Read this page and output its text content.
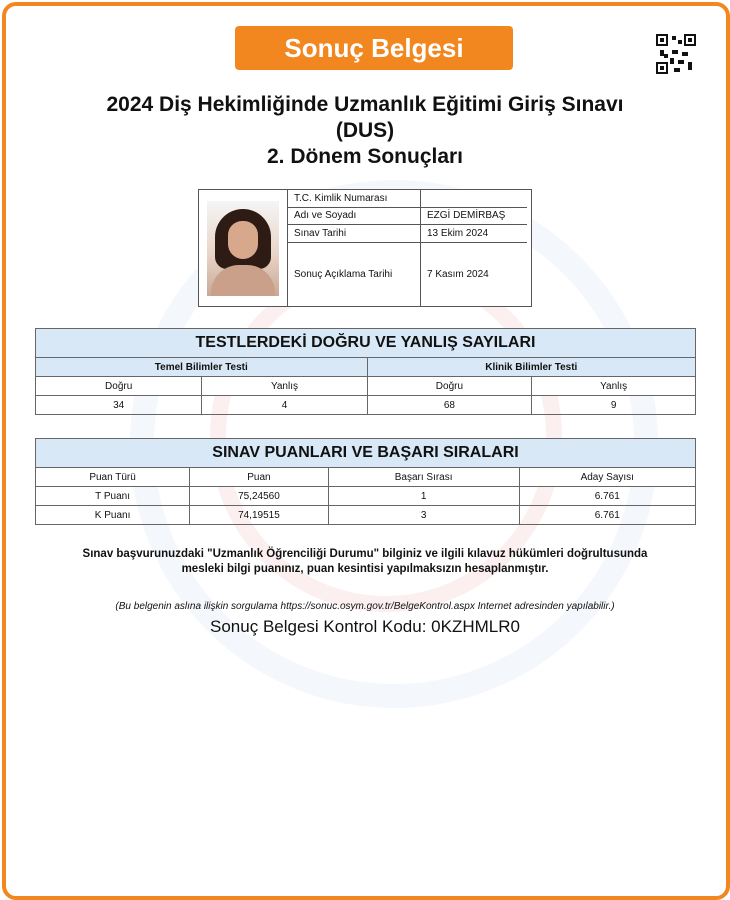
Sonuç Belgesi
2024 Diş Hekimliğinde Uzmanlık Eğitimi Giriş Sınavı
(DUS)
2. Dönem Sonuçları
T.C. Kimlik Numarası	
Adı ve Soyadı	EZGİ DEMİRBAŞ
Sınav Tarihi	13 Ekim 2024
Sonuç Açıklama Tarihi	7 Kasım 2024
TESTLERDEKİ DOĞRU VE YANLIŞ SAYILARI			
Temel Bilimler Testi		Klinik Bilimler Testi	
Doğru	Yanlış	Doğru	Yanlış
34	4	68	9
SINAV PUANLARI VE BAŞARI SIRALARI			
Puan Türü	Puan	Başarı Sırası	Aday Sayısı
T Puanı	75,24560	1	6.761
K Puanı	74,19515	3	6.761
Sınav başvurunuzdaki "Uzmanlık Öğrenciliği Durumu" bilginiz ve ilgili kılavuz hükümleri doğrultusunda
mesleki bilgi puanınız, puan kesintisi yapılmaksızın hesaplanmıştır.
(Bu belgenin aslına ilişkin sorgulama https://sonuc.osym.gov.tr/BelgeKontrol.aspx Internet adresinden yapılabilir.)
Sonuç Belgesi Kontrol Kodu: 0KZHMLR0
